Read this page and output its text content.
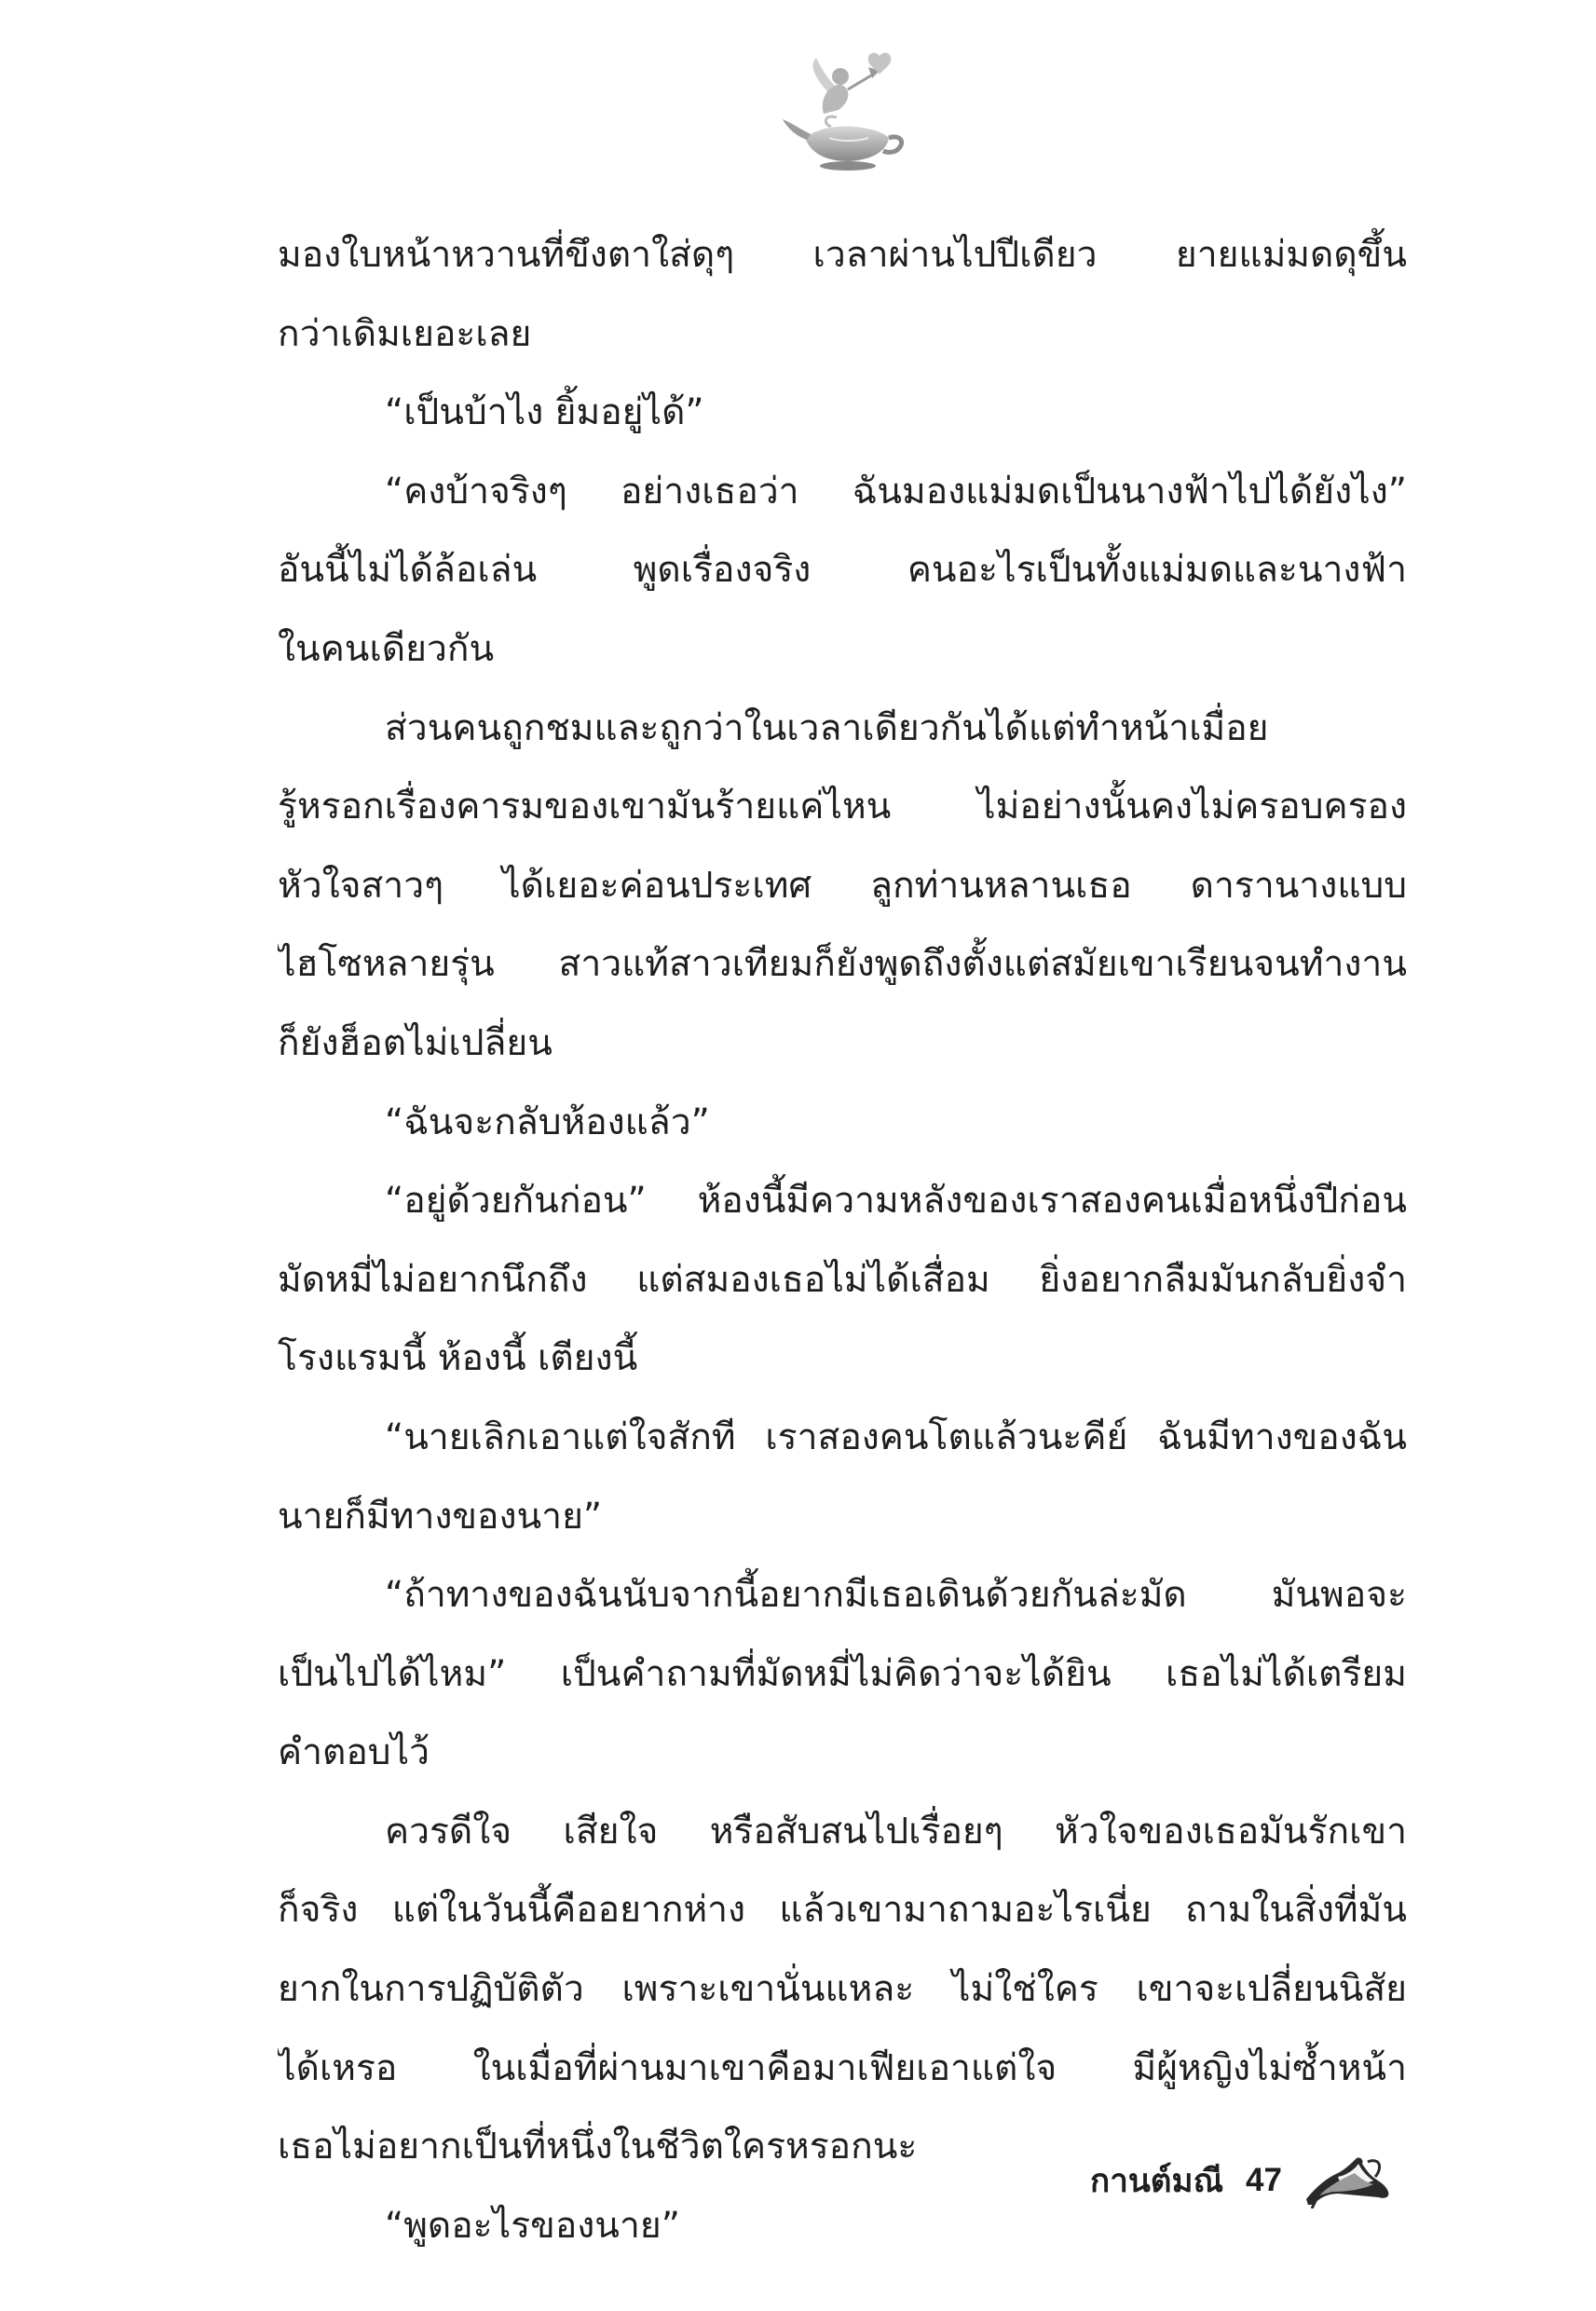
มองใบหน้าหวานที่ขึงตาใส่ดุๆ เวลาผ่านไปปีเดียว ยายแม่มดดุขึ้น
กว่าเดิมเยอะเลย
“เป็นบ้าไง ยิ้มอยู่ได้”
“คงบ้าจริงๆ อย่างเธอว่า ฉันมองแม่มดเป็นนางฟ้าไปได้ยังไง”
อันนี้ไม่ได้ล้อเล่น พูดเรื่องจริง คนอะไรเป็นทั้งแม่มดและนางฟ้า
ในคนเดียวกัน
ส่วนคนถูกชมและถูกว่าในเวลาเดียวกันได้แต่ทำหน้าเมื่อย
รู้หรอกเรื่องคารมของเขามันร้ายแค่ไหน ไม่อย่างนั้นคงไม่ครอบครอง
หัวใจสาวๆ ได้เยอะค่อนประเทศ ลูกท่านหลานเธอ ดารานางแบบ
ไฮโซหลายรุ่น สาวแท้สาวเทียมก็ยังพูดถึงตั้งแต่สมัยเขาเรียนจนทำงาน
ก็ยังฮ็อตไม่เปลี่ยน
“ฉันจะกลับห้องแล้ว”
“อยู่ด้วยกันก่อน” ห้องนี้มีความหลังของเราสองคนเมื่อหนึ่งปีก่อน
มัดหมี่ไม่อยากนึกถึง แต่สมองเธอไม่ได้เสื่อม ยิ่งอยากลืมมันกลับยิ่งจำ
โรงแรมนี้ ห้องนี้ เตียงนี้
“นายเลิกเอาแต่ใจสักที เราสองคนโตแล้วนะคีย์ ฉันมีทางของฉัน
นายก็มีทางของนาย”
“ถ้าทางของฉันนับจากนี้อยากมีเธอเดินด้วยกันล่ะมัด มันพอจะ
เป็นไปได้ไหม” เป็นคำถามที่มัดหมี่ไม่คิดว่าจะได้ยิน เธอไม่ได้เตรียม
คำตอบไว้
ควรดีใจ เสียใจ หรือสับสนไปเรื่อยๆ หัวใจของเธอมันรักเขา
ก็จริง แต่ในวันนี้คืออยากห่าง แล้วเขามาถามอะไรเนี่ย ถามในสิ่งที่มัน
ยากในการปฏิบัติตัว เพราะเขานั่นแหละ ไม่ใช่ใคร เขาจะเปลี่ยนนิสัย
ได้เหรอ ในเมื่อที่ผ่านมาเขาคือมาเฟียเอาแต่ใจ มีผู้หญิงไม่ซ้ำหน้า
เธอไม่อยากเป็นที่หนึ่งในชีวิตใครหรอกนะ
“พูดอะไรของนาย”
กานต์มณี 47
